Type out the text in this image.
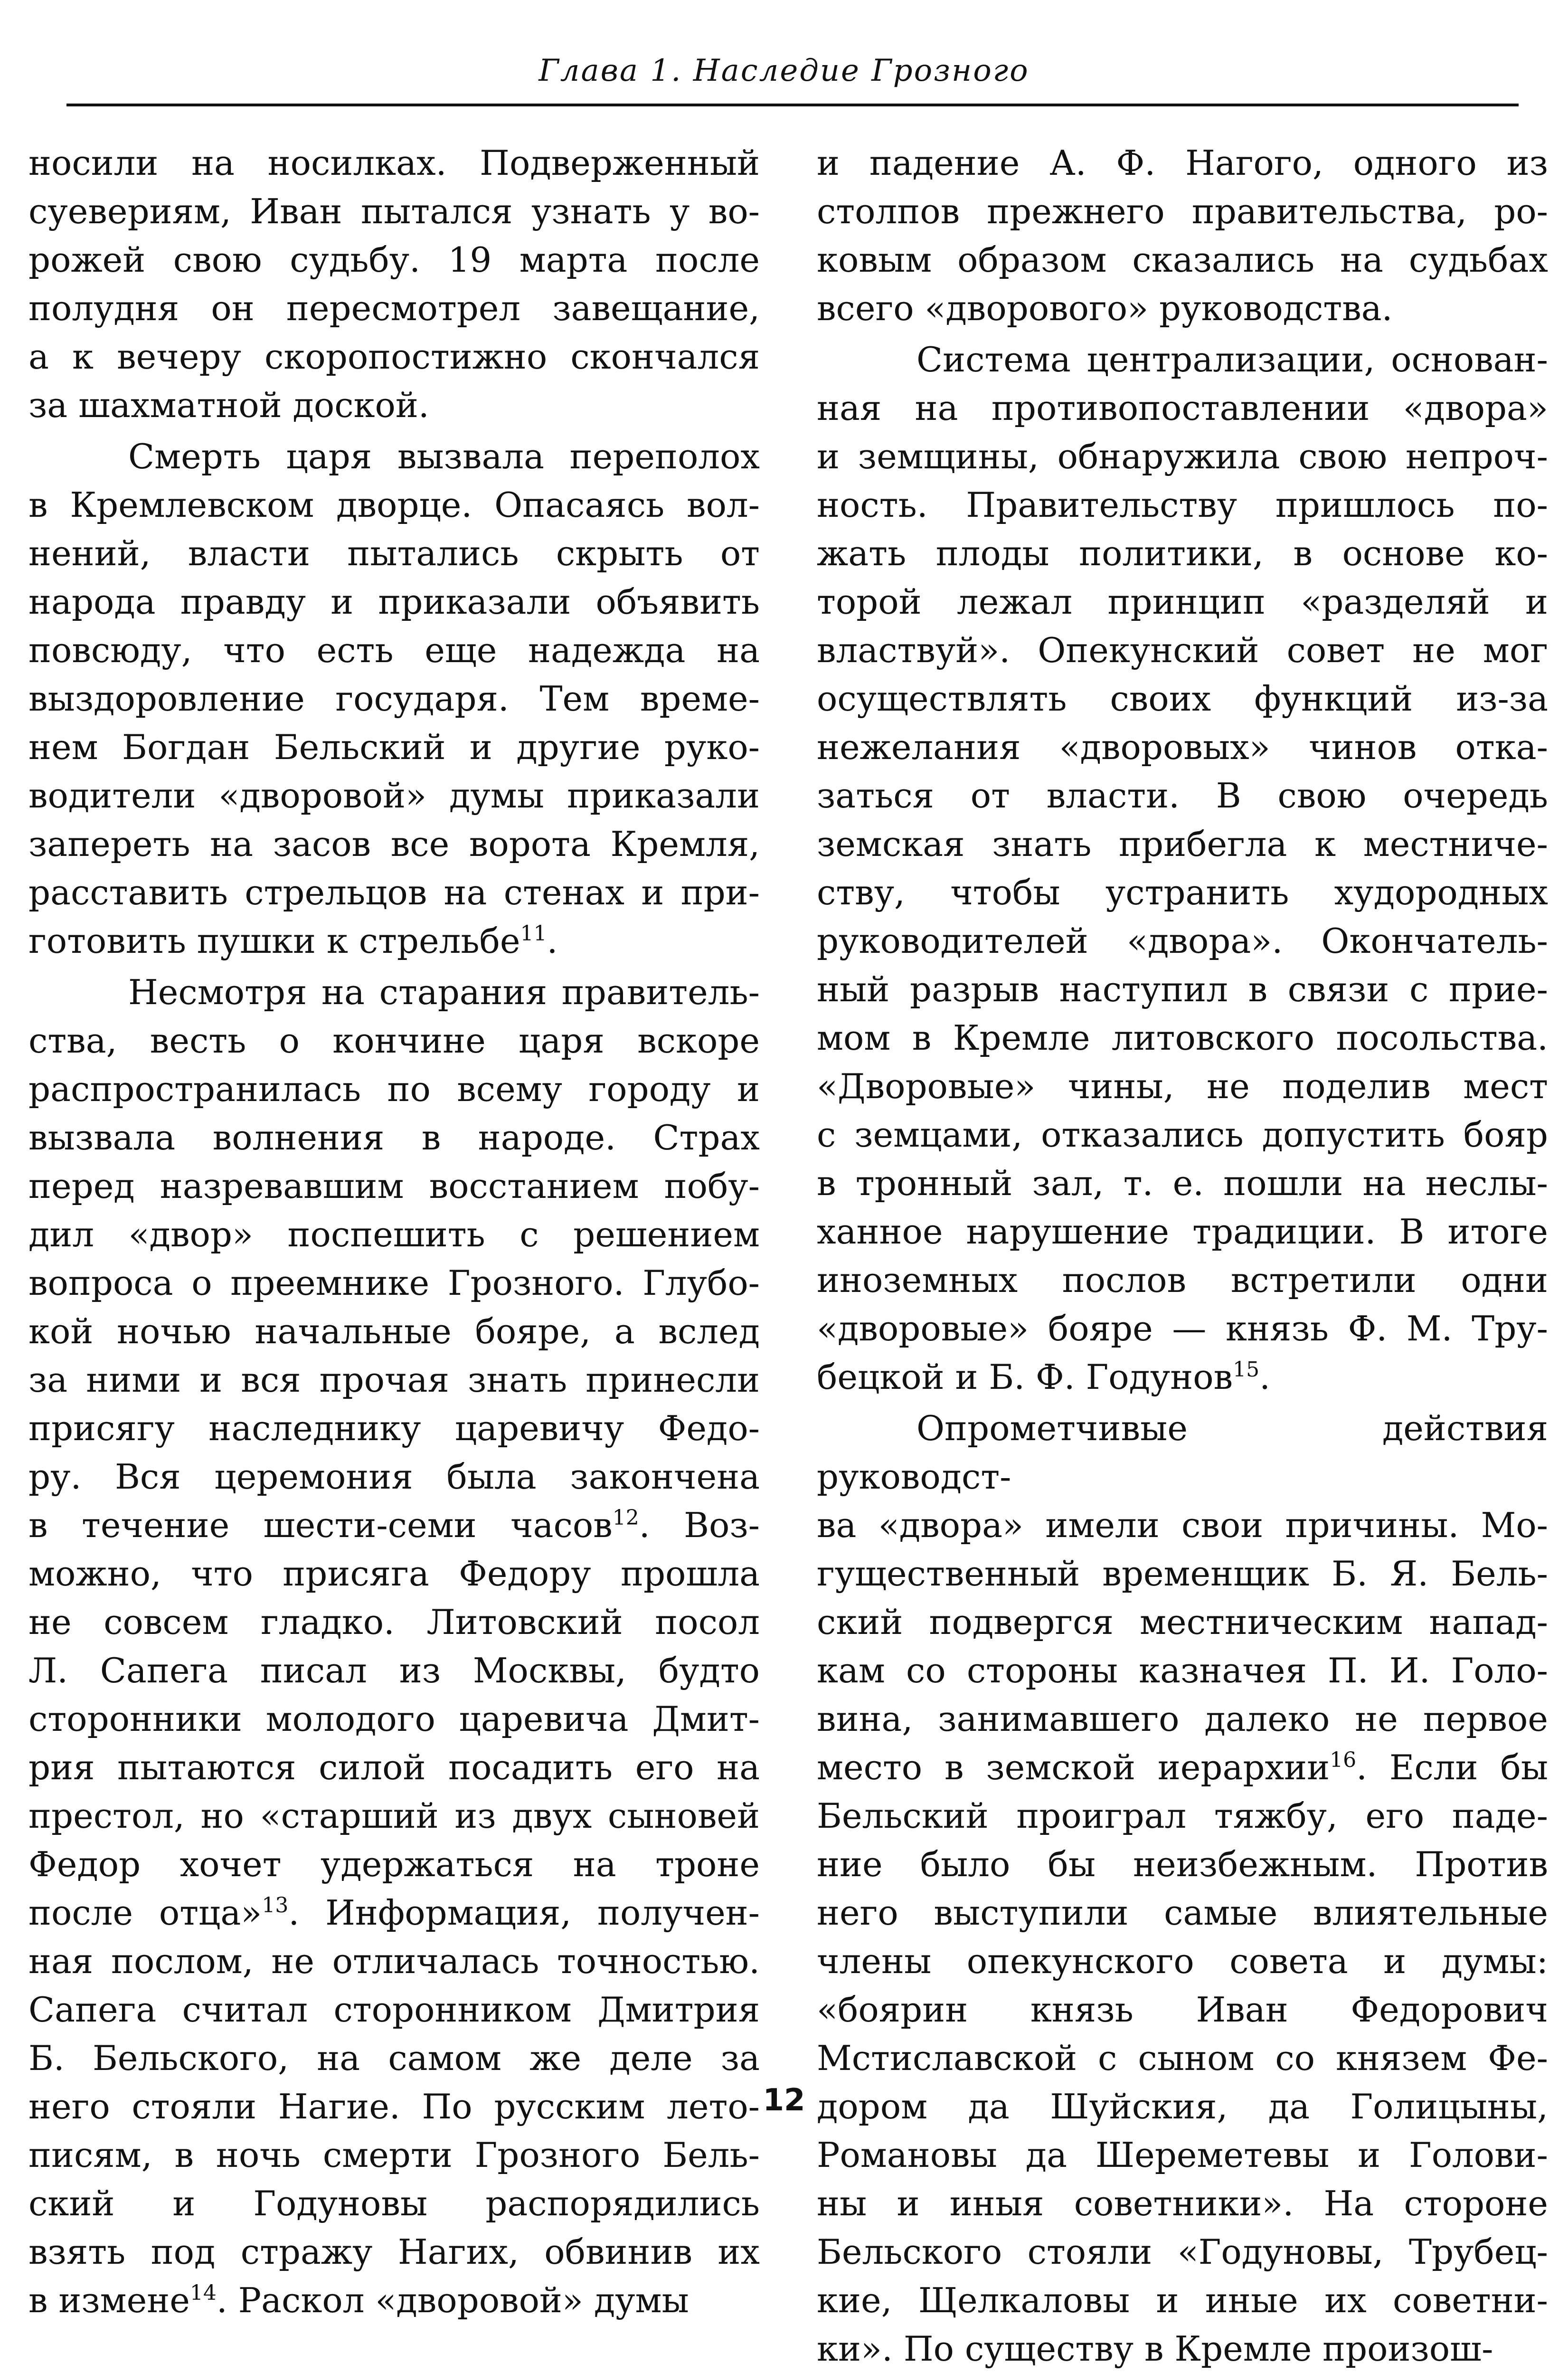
Глава 1. Наследие Грозного

носили на носилках. Подверженный

суевериям, Иван пытался узнать у во-

рожей свою судьбу. 19 марта после

полудня он пересмотрел завещание,

а к вечеру скоропостижно скончался

за шахматной доской.

Смерть царя вызвала переполох

в Кремлевском дворце. Опасаясь вол-

нений, власти пытались скрыть от

народа правду и приказали объявить

повсюду, что есть еще надежда на

выздоровление государя. Тем време-

нем Богдан Бельский и другие руко-

водители «дворовой» думы приказали

запереть на засов все ворота Кремля,

расставить стрельцов на стенах и при-

готовить пушки к стрельбе$^{11}$.

Несмотря на старания правитель-

ства, весть о кончине царя вскоре

распространилась по всему городу и

вызвала волнения в народе. Страх

перед назревавшим восстанием побу-

дил «двор» поспешить с решением

вопроса о преемнике Грозного. Глубо-

кой ночью начальные бояре, а вслед

за ними и вся прочая знать принесли

присягу наследнику царевичу Федо-

ру. Вся церемония была закончена

в течение шести-семи часов$^{12}$. Воз-

можно, что присяга Федору прошла

не совсем гладко. Литовский посол

Л. Сапега писал из Москвы, будто

сторонники молодого царевича Дмит-

рия пытаются силой посадить его на

престол, но «старший из двух сыновей

Федор хочет удержаться на троне

после отца»$^{13}$. Информация, получен-

ная послом, не отличалась точностью.

Сапега считал сторонником Дмитрия

Б. Бельского, на самом же деле за

него стояли Нагие. По русским лето-

писям, в ночь смерти Грозного Бель-

ский и Годуновы распорядились

взять под стражу Нагих, обвинив их

в измене$^{14}$. Раскол «дворовой» думы

и падение А. Ф. Нагого, одного из

столпов прежнего правительства, ро-

ковым образом сказались на судьбах

всего «дворового» руководства.

Система централизации, основан-

ная на противопоставлении «двора»

и земщины, обнаружила свою непроч-

ность. Правительству пришлось по-

жать плоды политики, в основе ко-

торой лежал принцип «разделяй и

властвуй». Опекунский совет не мог

осуществлять своих функций из-за

нежелания «дворовых» чинов отка-

заться от власти. В свою очередь

земская знать прибегла к местниче-

ству, чтобы устранить худородных

руководителей «двора». Окончатель-

ный разрыв наступил в связи с прие-

мом в Кремле литовского посольства.

«Дворовые» чины, не поделив мест

с земцами, отказались допустить бояр

в тронный зал, т. е. пошли на неслы-

ханное нарушение традиции. В итоге

иноземных послов встретили одни

«дворовые» бояре — князь Ф. М. Тру-

бецкой и Б. Ф. Годунов$^{15}$.

Опрометчивые действия руководст-

ва «двора» имели свои причины. Мо-

гущественный временщик Б. Я. Бель-

ский подвергся местническим напад-

кам со стороны казначея П. И. Голо-

вина, занимавшего далеко не первое

место в земской иерархии$^{16}$. Если бы

Бельский проиграл тяжбу, его паде-

ние было бы неизбежным. Против

него выступили самые влиятельные

члены опекунского совета и думы:

«боярин князь Иван Федорович

Мстиславской с сыном со князем Фе-

дором да Шуйския, да Голицыны,

Романовы да Шереметевы и Голови-

ны и иныя советники». На стороне

Бельского стояли «Годуновы, Трубец-

кие, Щелкаловы и иные их советни-

ки». По существу в Кремле произош-

12
